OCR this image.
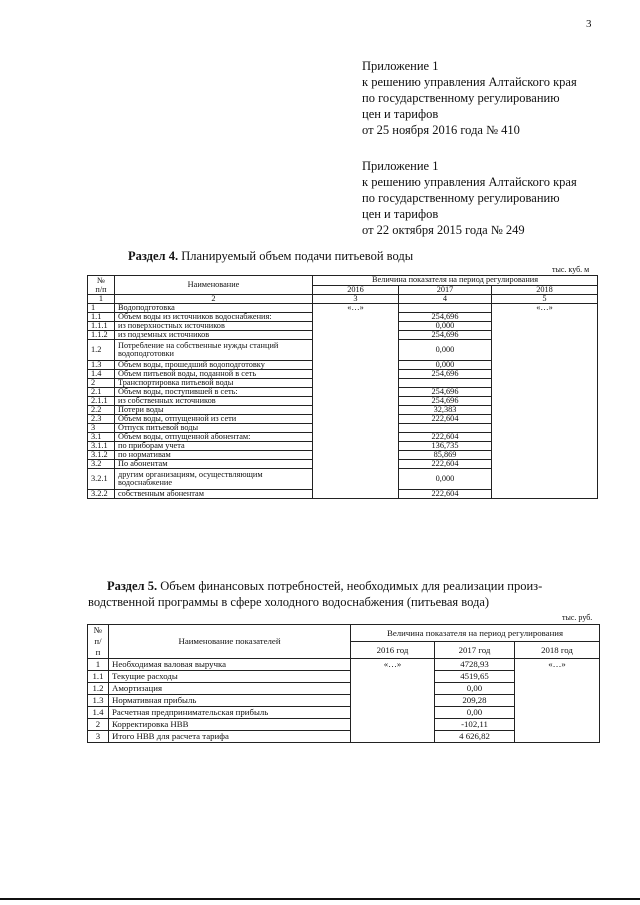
3
Приложение 1
к решению управления Алтайского края
по государственному регулированию
цен и тарифов
от 25 ноября 2016 года № 410
Приложение 1
к решению управления Алтайского края
по государственному регулированию
цен и тарифов
от 22 октября 2015 года № 249
Раздел 4. Планируемый объем подачи питьевой воды
тыс. куб. м
№
п/п	Наименование	Величина показателя на период регулирования		
		2016	2017	2018
1	2	3	4	5
1	Водоподготовка	«…»		«…»
1.1	Объем воды из источников водоснабжения:		254,696	
1.1.1	из поверхностных источников		0,000	
1.1.2	из подземных источников		254,696	
1.2	Потребление на собственные нужды станций водоподготовки		0,000	
1.3	Объем воды, прошедший водоподготовку		0,000	
1.4	Объем питьевой воды, поданной в сеть		254,696	
2	Транспортировка питьевой воды			
2.1	Объем воды, поступившей в сеть:		254,696	
2.1.1	из собственных источников		254,696	
2.2	Потери воды		32,383	
2.3	Объем воды, отпущенной из сети		222,604	
3	Отпуск питьевой воды			
3.1	Объем воды, отпущенной абонентам:		222,604	
3.1.1	по приборам учета		136,735	
3.1.2	по нормативам		85,869	
3.2	По абонентам		222,604	
3.2.1	другим организациям, осуществляющим водоснабжение		0,000	
3.2.2	собственным абонентам		222,604	
Раздел 5. Объем финансовых потребностей, необходимых для реализации произ-
водственной программы в сфере холодного водоснабжения (питьевая вода)
тыс. руб.
№
п/
п	Наименование показателей	Величина показателя на период регулирования		
		2016 год	2017 год	2018 год
1	Необходимая валовая выручка	«…»	4728,93	«…»
1.1	Текущие расходы		4519,65	
1.2	Амортизация		0,00	
1.3	Нормативная прибыль		209,28	
1.4	Расчетная предпринимательская прибыль		0,00	
2	Корректировка НВВ		-102,11	
3	Итого НВВ для расчета тарифа		4 626,82	
